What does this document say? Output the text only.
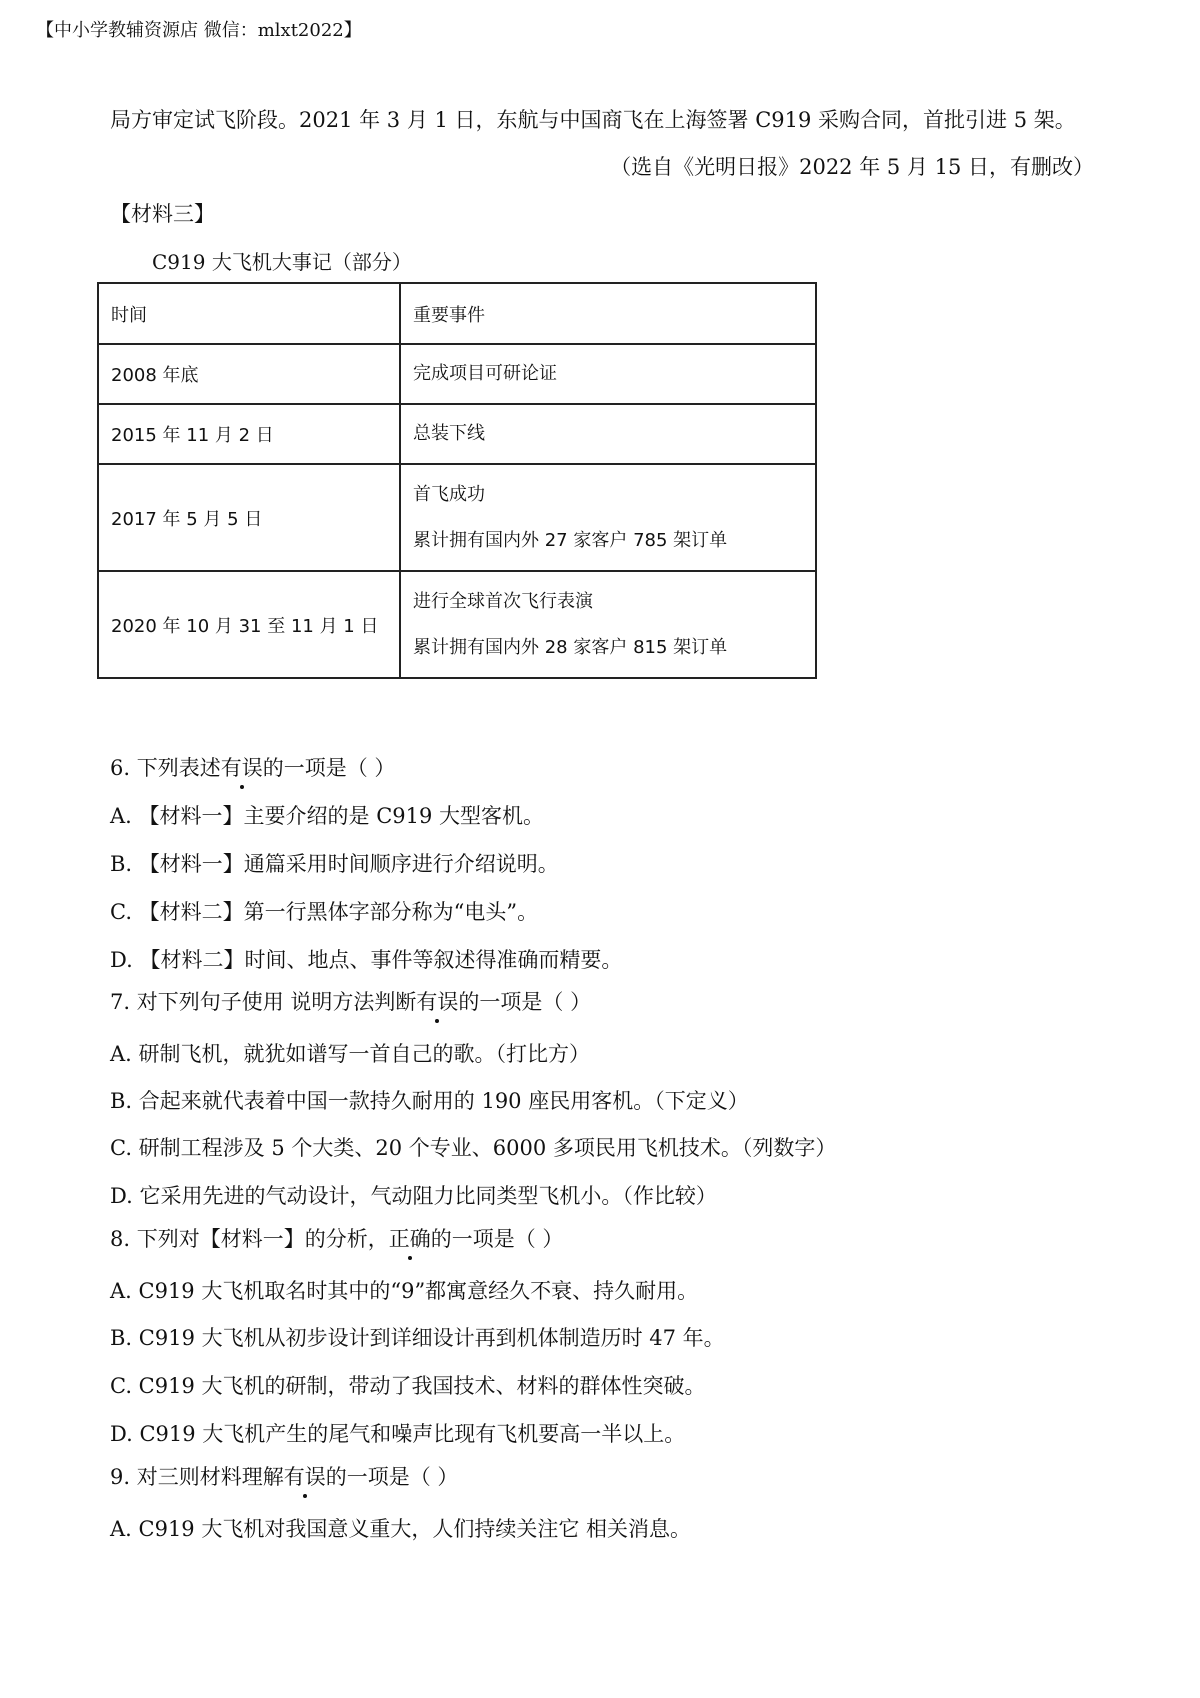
【中小学教辅资源店 微信：mlxt2022】
局方审定试飞阶段。2021 年 3 月 1 日，东航与中国商飞在上海签署 C919 采购合同，首批引进 5 架。
（选自《光明日报》2022 年 5 月 15 日，有删改）
【材料三】
C919 大飞机大事记（部分）
时间	重要事件
2008 年底	完成项目可研论证

2015 年 11 月 2 日	总装下线

2017 年 5 月 5 日	首飞成功
累计拥有国内外 27 家客户 785 架订单

2020 年 10 月 31 至 11 月 1 日	进行全球首次飞行表演
累计拥有国内外 28 家客户 815 架订单
6. 下列表述有误的一项是（ ）
A. 【材料一】主要介绍的是 C919 大型客机。
B. 【材料一】通篇采用时间顺序进行介绍说明。
C. 【材料二】第一行黑体字部分称为“电头”。
D. 【材料二】时间、地点、事件等叙述得准确而精要。
7. 对下列句子使用 说明方法判断有误的一项是（ ）
A. 研制飞机，就犹如谱写一首自己的歌。（打比方）
B. 合起来就代表着中国一款持久耐用的 190 座民用客机。（下定义）
C. 研制工程涉及 5 个大类、20 个专业、6000 多项民用飞机技术。（列数字）
D. 它采用先进的气动设计，气动阻力比同类型飞机小。（作比较）
8. 下列对【材料一】的分析，正确的一项是（ ）
A. C919 大飞机取名时其中的“9”都寓意经久不衰、持久耐用。
B. C919 大飞机从初步设计到详细设计再到机体制造历时 47 年。
C. C919 大飞机的研制，带动了我国技术、材料的群体性突破。
D. C919 大飞机产生的尾气和噪声比现有飞机要高一半以上。
9. 对三则材料理解有误的一项是（ ）
A. C919 大飞机对我国意义重大，人们持续关注它 相关消息。
